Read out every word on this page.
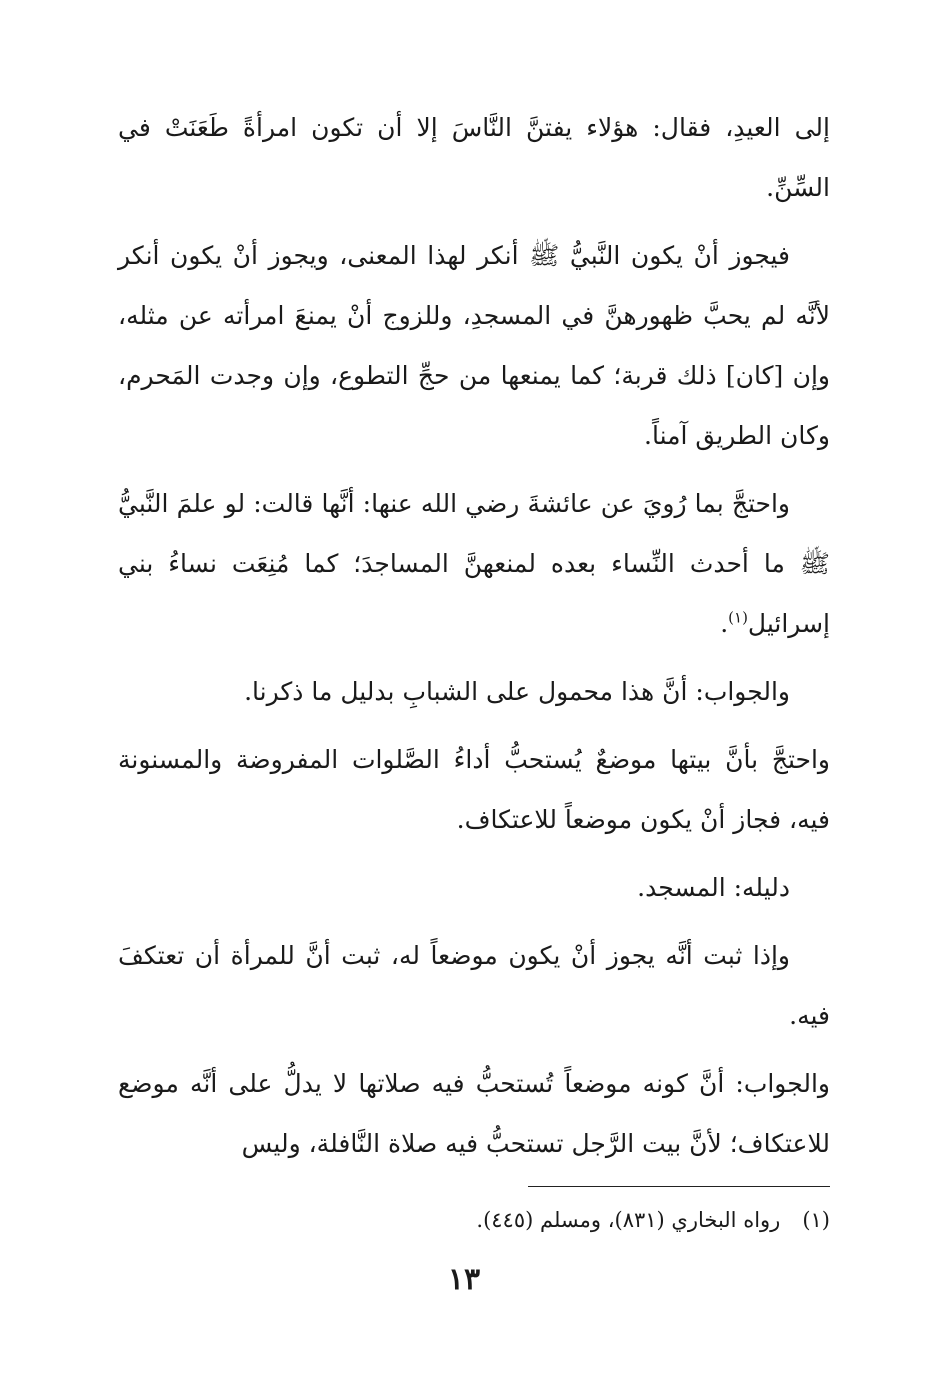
إلى العيدِ، فقال: هؤلاء يفتنَّ النَّاسَ إلا أن تكون امرأةً طَعَنَتْ في السِّنِّ.

فيجوز أنْ يكون النَّبيُّ ﷺ أنكر لهذا المعنى، ويجوز أنْ يكون أنكر لأنَّه لم يحبَّ ظهورهنَّ في المسجدِ، وللزوج أنْ يمنعَ امرأته عن مثله، وإن [كان] ذلك قربة؛ كما يمنعها من حجِّ التطوع، وإن وجدت المَحرم، وكان الطريق آمناً.

واحتجَّ بما رُويَ عن عائشةَ رضي الله عنها: أنَّها قالت: لو علمَ النَّبيُّ ﷺ ما أحدث النِّساء بعده لمنعهنَّ المساجدَ؛ كما مُنِعَت نساءُ بني إسرائيل$^{(١)}$.

والجواب: أنَّ هذا محمول على الشبابِ بدليل ما ذكرنا.

واحتجَّ بأنَّ بيتها موضعٌ يُستحبُّ أداءُ الصَّلوات المفروضة والمسنونة فيه، فجاز أنْ يكون موضعاً للاعتكاف.

دليله: المسجد.

وإذا ثبت أنَّه يجوز أنْ يكون موضعاً له، ثبت أنَّ للمرأة أن تعتكفَ فيه.

والجواب: أنَّ كونه موضعاً تُستحبُّ فيه صلاتها لا يدلُّ على أنَّه موضع للاعتكاف؛ لأنَّ بيت الرَّجل تستحبُّ فيه صلاة النَّافلة، وليس

(١)رواه البخاري (٨٣١)، ومسلم (٤٤٥).
١٣
